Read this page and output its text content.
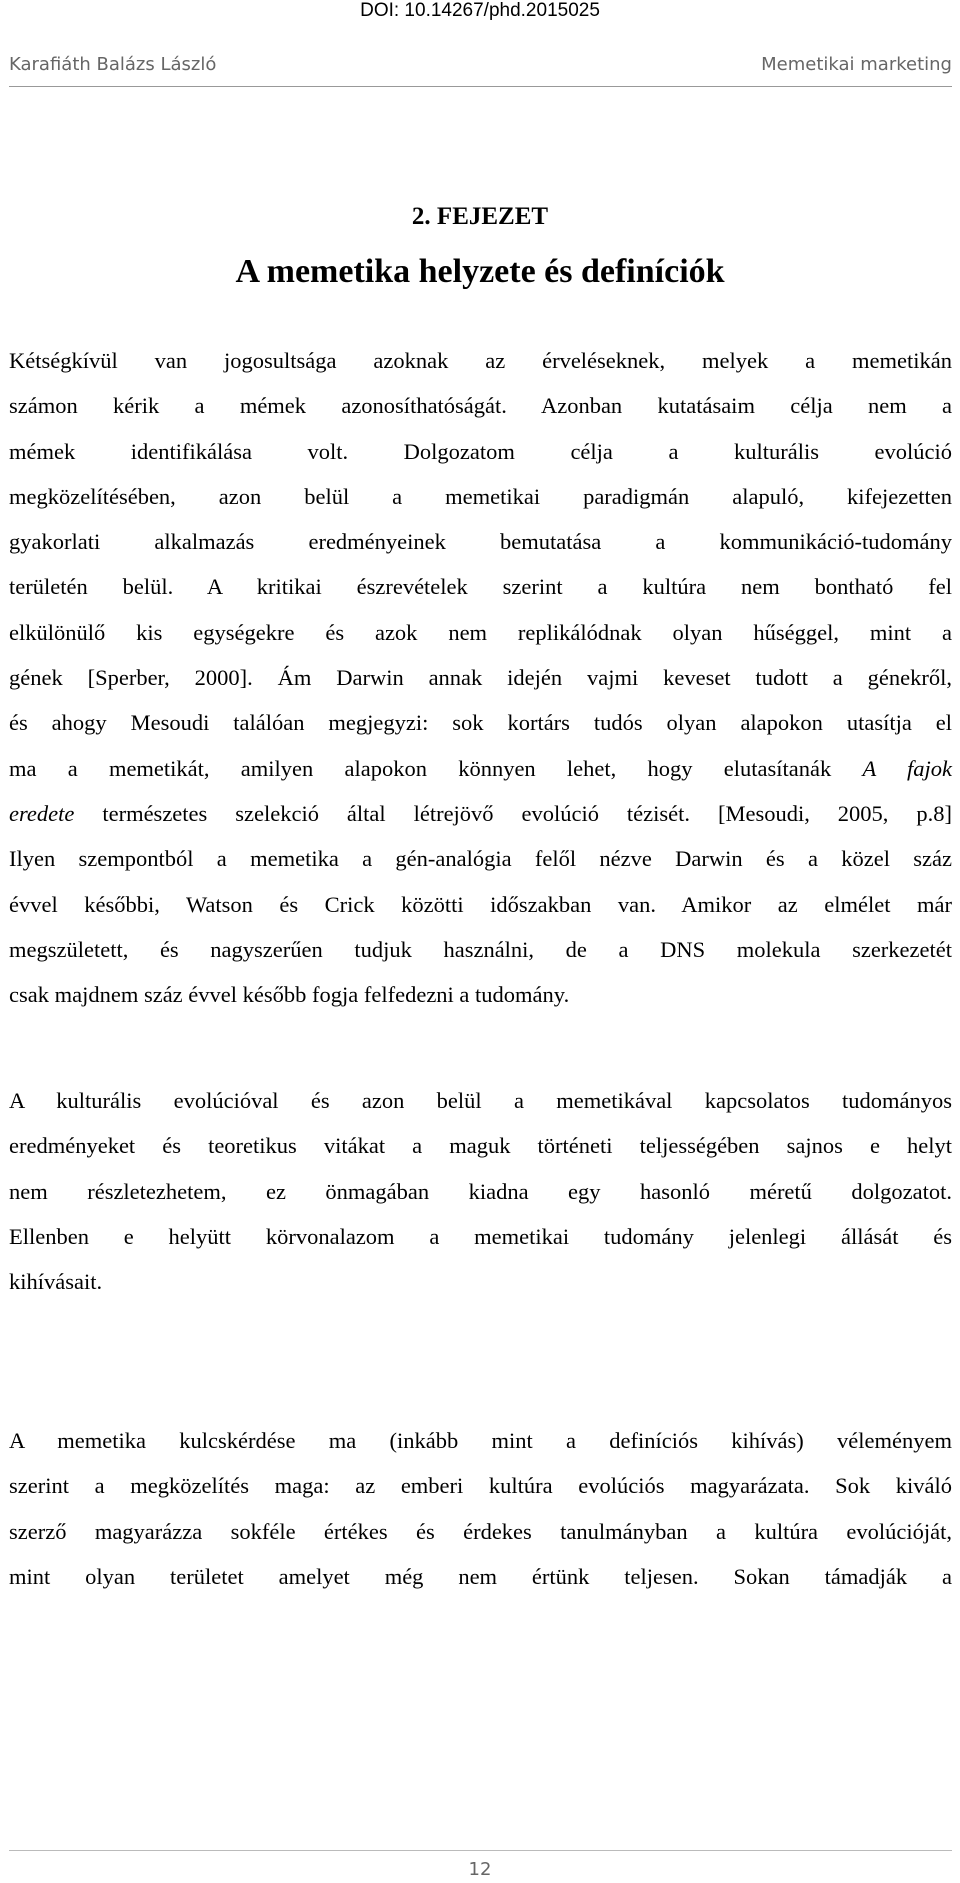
DOI: 10.14267/phd.2015025
Karafiáth Balázs László	Memetikai marketing
2. FEJEZET
A memetika helyzete és definíciók
Kétségkívül van jogosultsága azoknak az érveléseknek, melyek a memetikán
számon kérik a mémek azonosíthatóságát. Azonban kutatásaim célja nem a
mémek identifikálása volt. Dolgozatom célja a kulturális evolúció
megközelítésében, azon belül a memetikai paradigmán alapuló, kifejezetten
gyakorlati alkalmazás eredményeinek bemutatása a kommunikáció-tudomány
területén belül. A kritikai észrevételek szerint a kultúra nem bontható fel
elkülönülő kis egységekre és azok nem replikálódnak olyan hűséggel, mint a
gének [Sperber, 2000]. Ám Darwin annak idején vajmi keveset tudott a génekről,
és ahogy Mesoudi találóan megjegyzi: sok kortárs tudós olyan alapokon utasítja el
ma a memetikát, amilyen alapokon könnyen lehet, hogy elutasítanák A fajok
eredete természetes szelekció által létrejövő evolúció tézisét. [Mesoudi, 2005, p.8]
Ilyen szempontból a memetika a gén-analógia felől nézve Darwin és a közel száz
évvel későbbi, Watson és Crick közötti időszakban van. Amikor az elmélet már
megszületett, és nagyszerűen tudjuk használni, de a DNS molekula szerkezetét
csak majdnem száz évvel később fogja felfedezni a tudomány.
A kulturális evolúcióval és azon belül a memetikával kapcsolatos tudományos
eredményeket és teoretikus vitákat a maguk történeti teljességében sajnos e helyt
nem részletezhetem, ez önmagában kiadna egy hasonló méretű dolgozatot.
Ellenben e helyütt körvonalazom a memetikai tudomány jelenlegi állását és
kihívásait.
A memetika kulcskérdése ma (inkább mint a definíciós kihívás) véleményem
szerint a megközelítés maga: az emberi kultúra evolúciós magyarázata. Sok kiváló
szerző magyarázza sokféle értékes és érdekes tanulmányban a kultúra evolúcióját,
mint olyan területet amelyet még nem értünk teljesen. Sokan támadják a
12
